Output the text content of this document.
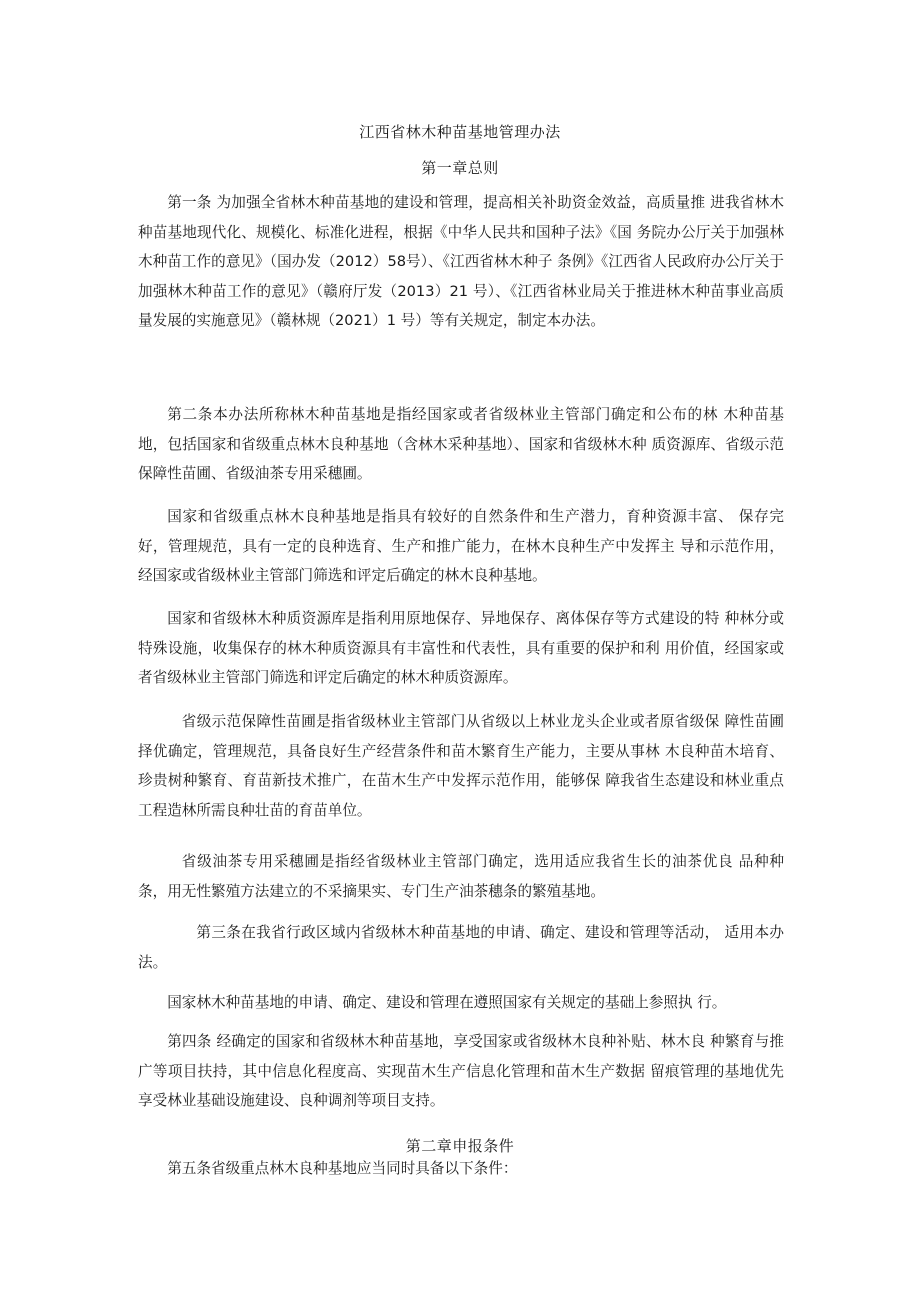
江西省林木种苗基地管理办法
第一章总则

第一条 为加强全省林木种苗基地的建设和管理，提高相关补助资金效益，高质量推 进我省林木种苗基地现代化、规模化、标准化进程，根据《中华人民共和国种子法》《国 务院办公厅关于加强林木种苗工作的意见》（国办发（2012）58号）、《江西省林木种子 条例》《江西省人民政府办公厅关于加强林木种苗工作的意见》（赣府厅发（2013）21 号）、《江西省林业局关于推进林木种苗事业高质量发展的实施意见》（赣林规（2021）1 号）等有关规定，制定本办法。

第二条本办法所称林木种苗基地是指经国家或者省级林业主管部门确定和公布的林 木种苗基地，包括国家和省级重点林木良种基地（含林木采种基地）、国家和省级林木种 质资源库、省级示范保障性苗圃、省级油茶专用采穗圃。

国家和省级重点林木良种基地是指具有较好的自然条件和生产潜力，育种资源丰富、 保存完好，管理规范，具有一定的良种选育、生产和推广能力，在林木良种生产中发挥主 导和示范作用，经国家或省级林业主管部门筛选和评定后确定的林木良种基地。

国家和省级林木种质资源库是指利用原地保存、异地保存、离体保存等方式建设的特 种林分或特殊设施，收集保存的林木种质资源具有丰富性和代表性，具有重要的保护和利 用价值，经国家或者省级林业主管部门筛选和评定后确定的林木种质资源库。

省级示范保障性苗圃是指省级林业主管部门从省级以上林业龙头企业或者原省级保 障性苗圃择优确定，管理规范，具备良好生产经营条件和苗木繁育生产能力，主要从事林 木良种苗木培育、珍贵树种繁育、育苗新技术推广，在苗木生产中发挥示范作用，能够保 障我省生态建设和林业重点工程造林所需良种壮苗的育苗单位。

省级油茶专用采穗圃是指经省级林业主管部门确定，选用适应我省生长的油茶优良 品种种条，用无性繁殖方法建立的不采摘果实、专门生产油茶穗条的繁殖基地。

第三条在我省行政区域内省级林木种苗基地的申请、确定、建设和管理等活动， 适用本办法。

国家林木种苗基地的申请、确定、建设和管理在遵照国家有关规定的基础上参照执 行。

第四条 经确定的国家和省级林木种苗基地，享受国家或省级林木良种补贴、林木良 种繁育与推广等项目扶持，其中信息化程度高、实现苗木生产信息化管理和苗木生产数据 留痕管理的基地优先享受林业基础设施建设、良种调剂等项目支持。

第二章申报条件

第五条省级重点林木良种基地应当同时具备以下条件：
